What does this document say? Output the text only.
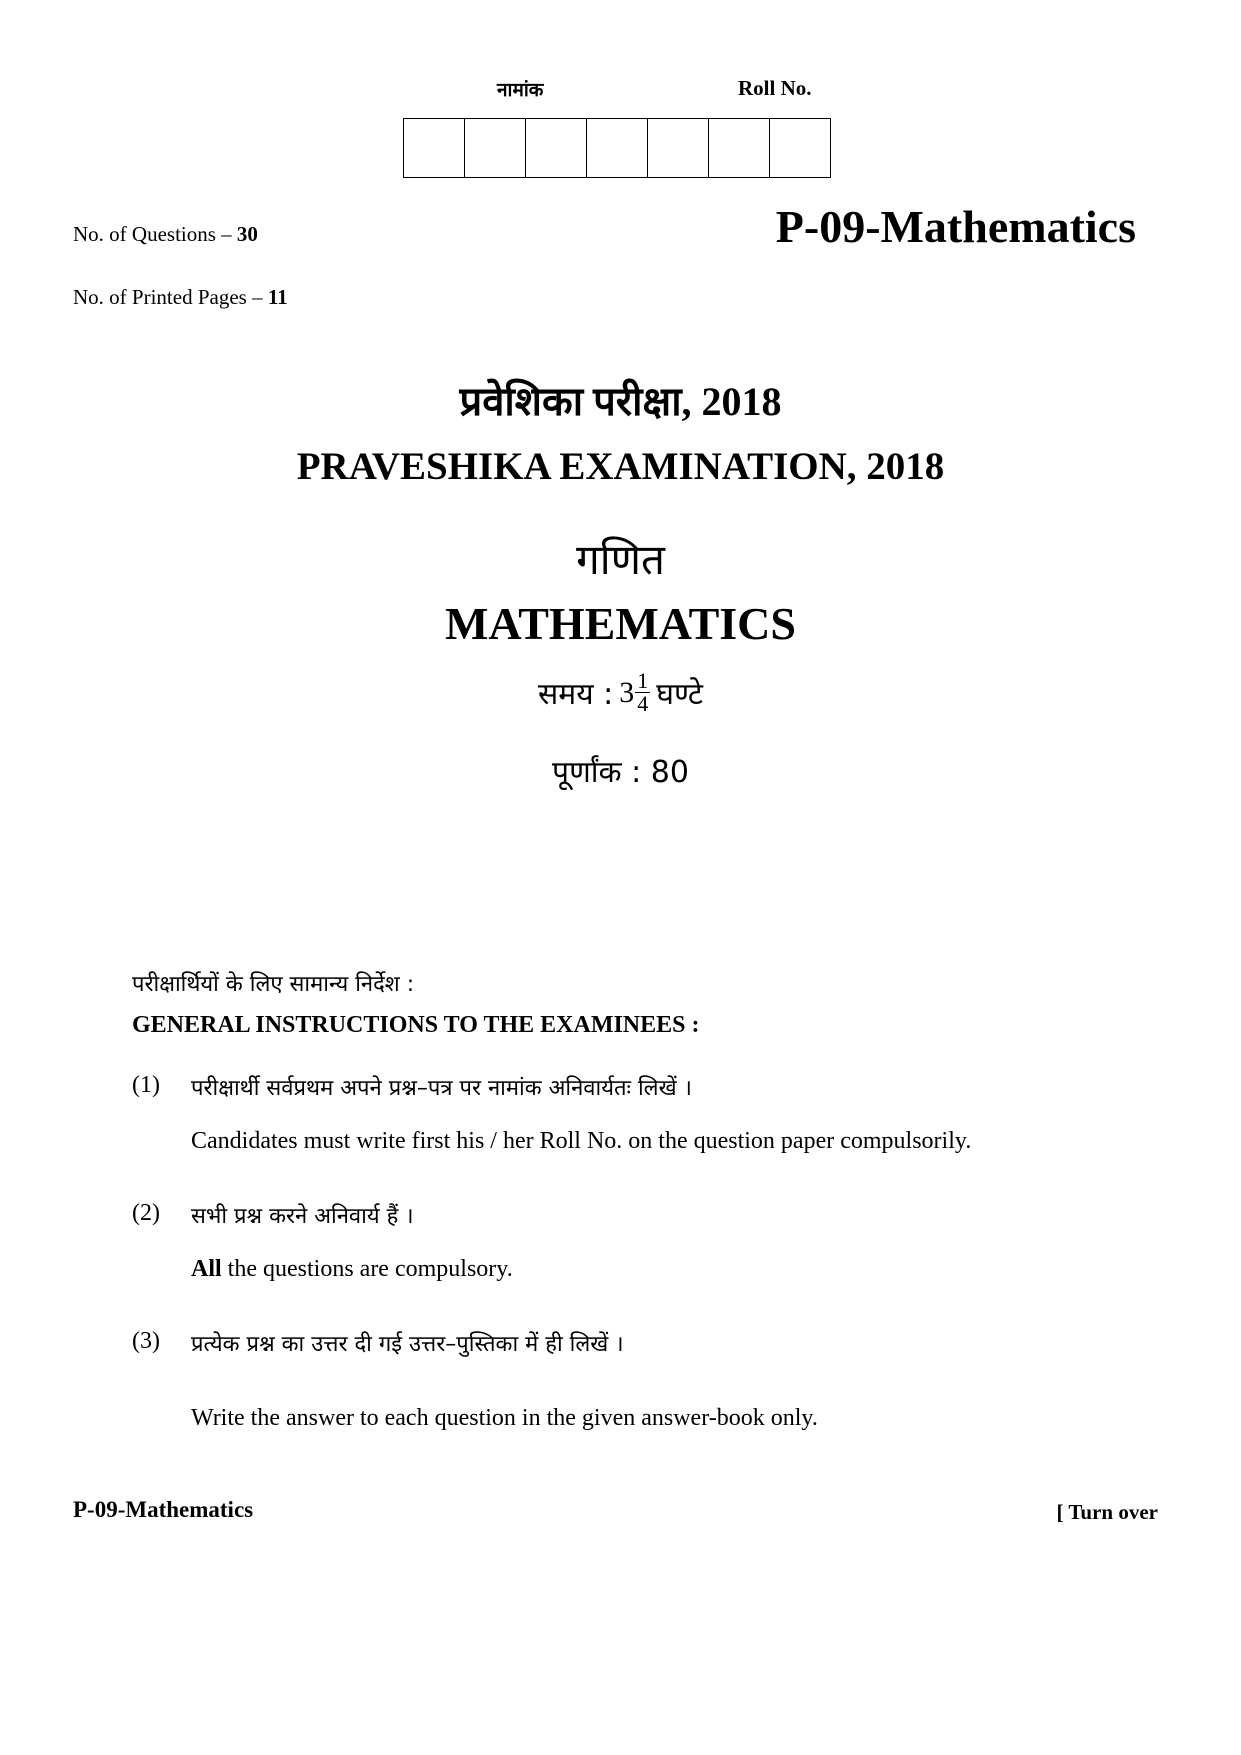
नामांक	Roll No.
No. of Questions – 30
No. of Printed Pages – 11
P-09-Mathematics
प्रवेशिका परीक्षा, 2018
PRAVESHIKA EXAMINATION, 2018
गणित
MATHEMATICS
समय : $3 \frac{1}{4}$ घण्टे
पूर्णांक : 80
परीक्षार्थियों के लिए सामान्य निर्देश :
GENERAL INSTRUCTIONS TO THE EXAMINEES :
(1) परीक्षार्थी सर्वप्रथम अपने प्रश्न–पत्र पर नामांक अनिवार्यतः लिखें ।
Candidates must write first his / her Roll No. on the question paper compulsorily.
(2) सभी प्रश्न करने अनिवार्य हैं ।
All the questions are compulsory.
(3) प्रत्येक प्रश्न का उत्तर दी गई उत्तर–पुस्तिका में ही लिखें ।
Write the answer to each question in the given answer-book only.
P-09-Mathematics	[ Turn over
